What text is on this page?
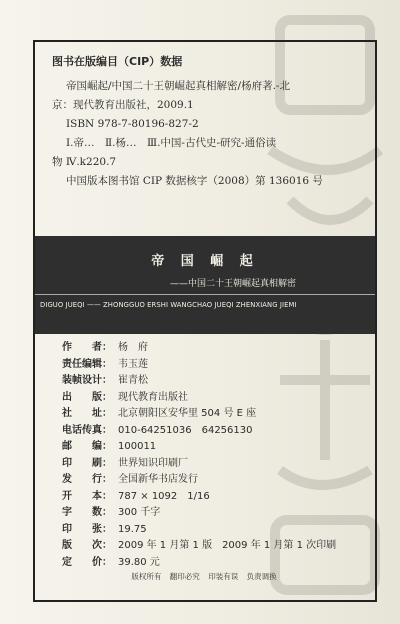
图书在版编目（CIP）数据
帝国崛起/中国二十王朝崛起真相解密/杨府著.-北
京：现代教育出版社，2009.1
ISBN 978-7-80196-827-2
Ⅰ.帝…　Ⅱ.杨…　Ⅲ.中国-古代史-研究-通俗读
物 Ⅳ.k220.7
中国版本图书馆 CIP 数据核字（2008）第 136016 号
帝 国 崛 起
——中国二十王朝崛起真相解密
DIGUO JUEQI —— ZHONGGUO ERSHI WANGCHAO JUEQI ZHENXIANG JIEMI
作　　者： 杨　府
责任编辑： 韦玉莲
装帧设计： 崔青松
出　　版： 现代教育出版社
社　　址： 北京朝阳区安华里 504 号 E 座
电话传真： 010-64251036　64256130
邮　　编： 100011
印　　刷： 世界知识印刷厂
发　　行： 全国新华书店发行
开　　本： 787 × 1092　1/16
字　　数： 300 千字
印　　张： 19.75
版　　次： 2009 年 1 月第 1 版　2009 年 1 月第 1 次印刷
定　　价： 39.80 元
版权所有 翻印必究 印装有误 负责调换
